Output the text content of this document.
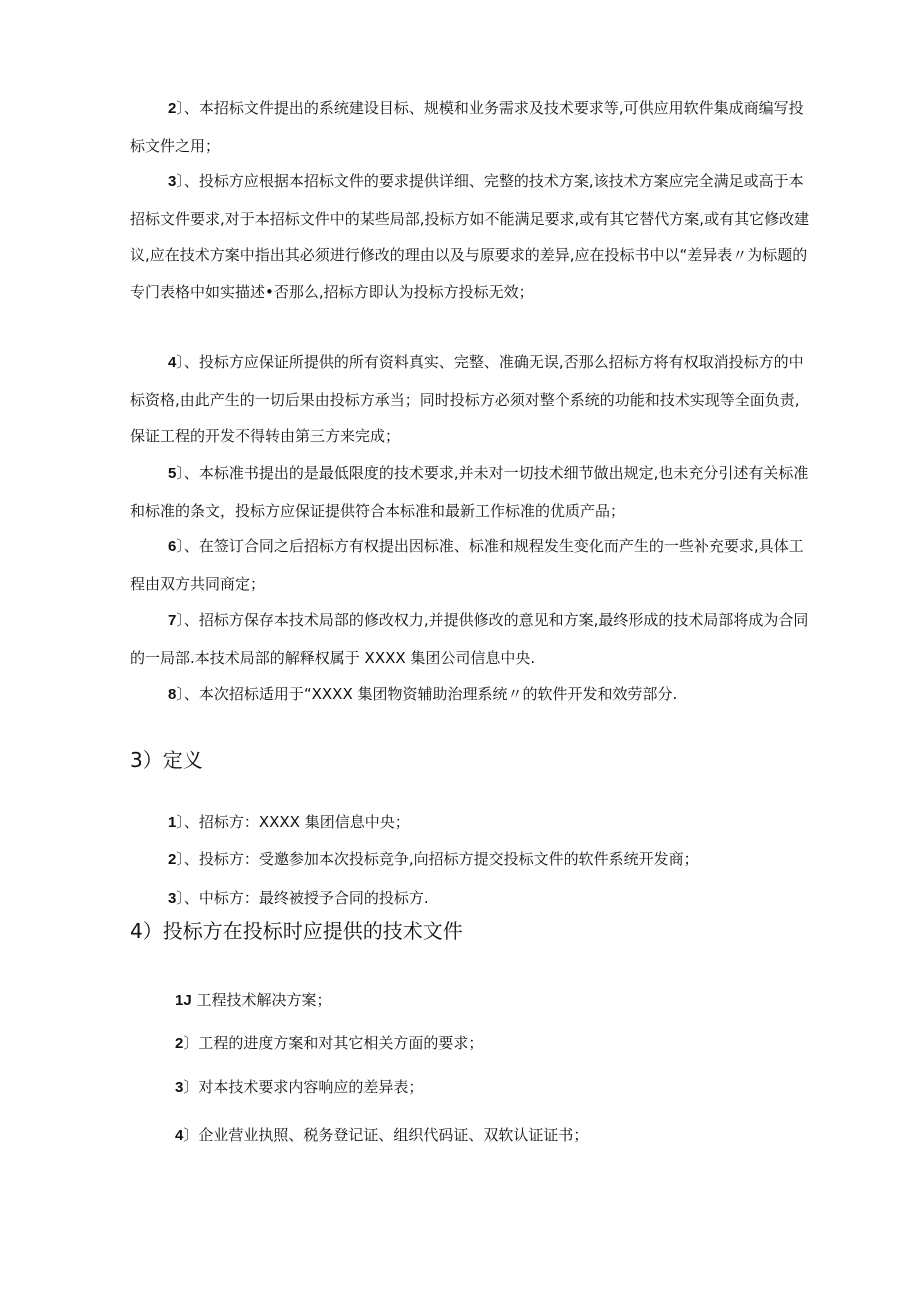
2〕、本招标文件提出的系统建设目标、规模和业务需求及技术要求等,可供应用软件集成商编写投标文件之用；

3〕、投标方应根据本招标文件的要求提供详细、完整的技术方案,该技术方案应完全满足或高于本招标文件要求,对于本招标文件中的某些局部,投标方如不能满足要求,或有其它替代方案,或有其它修改建议,应在技术方案中指出其必须进行修改的理由以及与原要求的差异,应在投标书中以“差异表〃为标题的专门表格中如实描述•否那么,招标方即认为投标方投标无效；

4〕、投标方应保证所提供的所有资料真实、完整、准确无误,否那么招标方将有权取消投标方的中标资格,由此产生的一切后果由投标方承当；同时投标方必须对整个系统的功能和技术实现等全面负责,保证工程的开发不得转由第三方来完成；

5〕、本标准书提出的是最低限度的技术要求,并未对一切技术细节做出规定,也未充分引述有关标准和标准的条文，投标方应保证提供符合本标准和最新工作标准的优质产品；

6〕、在签订合同之后招标方有权提出因标准、标准和规程发生变化而产生的一些补充要求,具体工程由双方共同商定；

7〕、招标方保存本技术局部的修改权力,并提供修改的意见和方案,最终形成的技术局部将成为合同的一局部.本技术局部的解释权属于 XXXX 集团公司信息中央.

8〕、本次招标适用于“XXXX 集团物资辅助治理系统〃的软件开发和效劳部分.

3）定义

1〕、招标方：XXXX 集团信息中央；

2〕、投标方：受邀参加本次投标竞争,向招标方提交投标文件的软件系统开发商；

3〕、中标方：最终被授予合同的投标方.

4）投标方在投标时应提供的技术文件

1J 工程技术解决方案；

2〕工程的进度方案和对其它相关方面的要求；

3〕对本技术要求内容响应的差异表；

4〕企业营业执照、税务登记证、组织代码证、双软认证证书；
